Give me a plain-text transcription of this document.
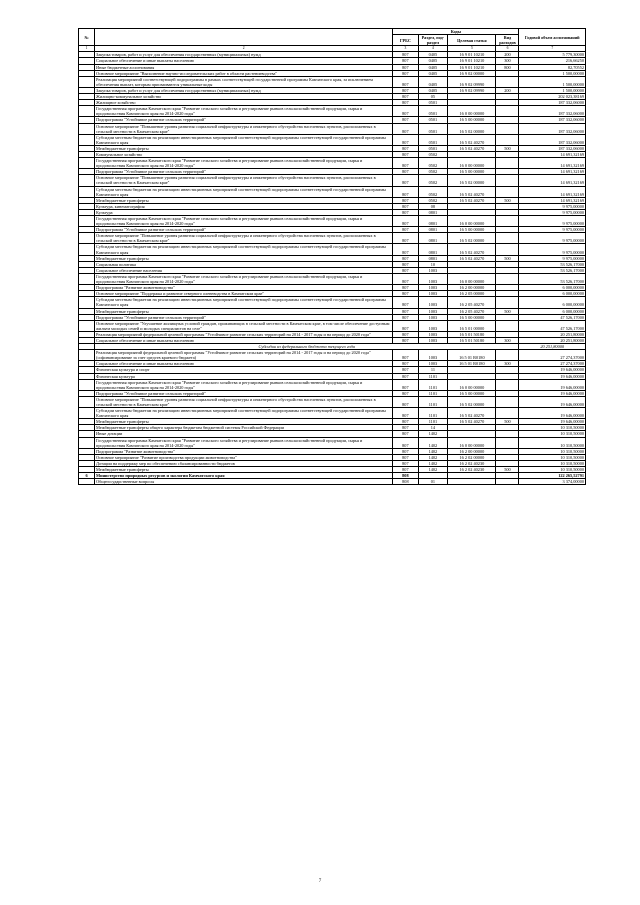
№		Коды				Годовой объем ассигнований
		ГРБС	Раздел, под-раздел	Целевая статья	Вид расходов	
1	2	3	4	5	6	7
	Закупка товаров, работ и услуг для обеспечения государственных (муниципальных) нужд	807	0405	16 9 01 10210	200	5 779,30000
	Социальное обеспечение и иные выплаты населению	807	0405	16 9 01 10210	300	216,66250
	Иные бюджетные ассигнования	807	0405	16 9 01 10210	800	82,70552
	Основное мероприятие "Выполнение научно-исследовательских работ в области растениеводства"	807	0405	16 9 02 00000		1 500,00000
	Реализация мероприятий соответствующей подпрограммы в рамках соответствующей государственной программы Камчатского края, за исключением обеспечения выплат, которым присваиваются уникальные коды	807	0405	16 9 02 09990		1 500,00000
	Закупка товаров, работ и услуг для обеспечения государственных (муниципальных) нужд	807	0405	16 9 02 09990	200	1 500,00000
	Жилищно-коммунальное хозяйство	807	05			202 023,38169
	Жилищное хозяйство	807	0501			187 332,06000
	Государственная программа Камчатского края "Развитие сельского хозяйства и регулирование рынков сельскохозяйственной продукции, сырья и продовольствия Камчатского края на 2014-2020 годы"	807	0501	16 0 00 00000		187 332,06000
	Подпрограмма "Устойчивое развитие сельских территорий"	807	0501	16 5 00 00000		187 332,06000
	Основное мероприятие "Повышение уровня развития социальной инфраструктуры и инженерного обустройства населенных пунктов, расположенных в сельской местности в Камчатском крае"	807	0501	16 5 02 00000		187 332,06000
	Субсидии местным бюджетам на реализацию инвестиционных мероприятий соответствующей подпрограммы соответствующей государственной программы Камчатского края	807	0501	16 5 02 40270		187 332,06000
	Межбюджетные трансферты	807	0501	16 5 02 40270	500	187 332,06000
	Коммунальное хозяйство	807	0502			14 691,32169
	Государственная программа Камчатского края "Развитие сельского хозяйства и регулирование рынков сельскохозяйственной продукции, сырья и продовольствия Камчатского края на 2014-2020 годы"	807	0502	16 0 00 00000		14 691,32169
	Подпрограмма "Устойчивое развитие сельских территорий"	807	0502	16 5 00 00000		14 691,32169
	Основное мероприятие "Повышение уровня развития социальной инфраструктуры и инженерного обустройства населенных пунктов, расположенных в сельской местности в Камчатском крае"	807	0502	16 5 02 00000		14 691,32169
	Субсидии местным бюджетам на реализацию инвестиционных мероприятий соответствующей подпрограммы соответствующей государственной программы Камчатского края	807	0502	16 5 02 40270		14 691,32169
	Межбюджетные трансферты	807	0502	16 5 02 40270	500	14 691,32169
	Культура, кинематография	807	08			9 975,00000
	Культура	807	0801			9 975,00000
	Государственная программа Камчатского края "Развитие сельского хозяйства и регулирование рынков сельскохозяйственной продукции, сырья и продовольствия Камчатского края на 2014-2020 годы"	807	0801	16 0 00 00000		9 975,00000
	Подпрограмма "Устойчивое развитие сельских территорий"	807	0801	16 5 00 00000		9 975,00000
	Основное мероприятие "Повышение уровня развития социальной инфраструктуры и инженерного обустройства населенных пунктов, расположенных в сельской местности в Камчатском крае"	807	0801	16 5 02 00000		9 975,00000
	Субсидии местным бюджетам на реализацию инвестиционных мероприятий соответствующей подпрограммы соответствующей государственной программы Камчатского края	807	0801	16 5 02 40270		9 975,00000
	Межбюджетные трансферты	807	0801	16 5 02 40270	500	9 975,00000
	Социальная политика	807	10			53 526,17000
	Социальное обеспечение населения	807	1003			53 526,17000
	Государственная программа Камчатского края "Развитие сельского хозяйства и регулирование рынков сельскохозяйственной продукции, сырья и продовольствия Камчатского края на 2014-2020 годы"	807	1003	16 0 00 00000		53 526,17000
	Подпрограмма "Развитие животноводства"	807	1003	16 2 00 00000		6 000,00000
	Основное мероприятие "Поддержка и развитие северного оленеводства в Камчатском крае"	807	1003	16 2 05 00000		6 000,00000
	Субсидии местным бюджетам на реализацию инвестиционных мероприятий соответствующей подпрограммы соответствующей государственной программы Камчатского края	807	1003	16 2 05 40270		6 000,00000
	Межбюджетные трансферты	807	1003	16 2 05 40270	500	6 000,00000
	Подпрограмма "Устойчивое развитие сельских территорий"	807	1003	16 5 00 00000		47 526,17000
	Основное мероприятие "Улучшение жилищных условий граждан, проживающих в сельской местности в Камчатском крае, в том числе обеспечение доступным жильем молодых семей и молодых специалистов на селе"	807	1003	16 5 01 00000		47 526,17000
	Реализация мероприятий федеральной целевой программы "Устойчивое развитие сельских территорий на 2014 - 2017 годы и на период до 2020 года"	807	1003	16 5 01 50180		20 251,80000
	Социальное обеспечение и иные выплаты населению	807	1003	16 5 01 50180	300	20 251,80000
	Субсидии из федерального бюджета текущего года					20 251,80000
	Реализация мероприятий федеральной целевой программы "Устойчивое развитие сельских территорий на 2014 - 2017 годы и на период до 2020 года" (софинансирование за счет средств краевого бюджета)	807	1003	16 5 01 R0180		27 274,37000
	Социальное обеспечение и иные выплаты населению	807	1003	16 5 01 R0180	300	27 274,37000
	Физическая культура и спорт	807	11			19 646,00000
	Физическая культура	807	1101			19 646,00000
	Государственная программа Камчатского края "Развитие сельского хозяйства и регулирование рынков сельскохозяйственной продукции, сырья и продовольствия Камчатского края на 2014-2020 годы"	807	1101	16 0 00 00000		19 646,00000
	Подпрограмма "Устойчивое развитие сельских территорий"	807	1101	16 5 00 00000		19 646,00000
	Основное мероприятие "Повышение уровня развития социальной инфраструктуры и инженерного обустройства населенных пунктов, расположенных в сельской местности в Камчатском крае"	807	1101	16 5 02 00000		19 646,00000
	Субсидии местным бюджетам на реализацию инвестиционных мероприятий соответствующей подпрограммы соответствующей государственной программы Камчатского края	807	1101	16 5 02 40270		19 646,00000
	Межбюджетные трансферты	807	1101	16 5 02 40270	500	19 646,00000
	Межбюджетные трансферты общего характера бюджетам бюджетной системы Российской Федерации	807	14			10 310,50000
	Иные дотации	807	1402			10 310,50000
	Государственная программа Камчатского края "Развитие сельского хозяйства и регулирование рынков сельскохозяйственной продукции, сырья и продовольствия Камчатского края на 2014-2020 годы"	807	1402	16 0 00 00000		10 310,50000
	Подпрограмма "Развитие животноводства"	807	1402	16 2 00 00000		10 310,50000
	Основное мероприятие "Развитие производства продукции животноводства"	807	1402	16 2 02 00000		10 310,50000
	Дотации на поддержку мер по обеспечению сбалансированности бюджетов	807	1402	16 2 02 40230		10 310,50000
	Межбюджетные трансферты	807	1402	16 2 02 40230	500	10 310,50000
6	Министерство природных ресурсов и экологии Камчатского края	808				122 265,52791
	Общегосударственные вопросы	808	01			3 374,00000
7
